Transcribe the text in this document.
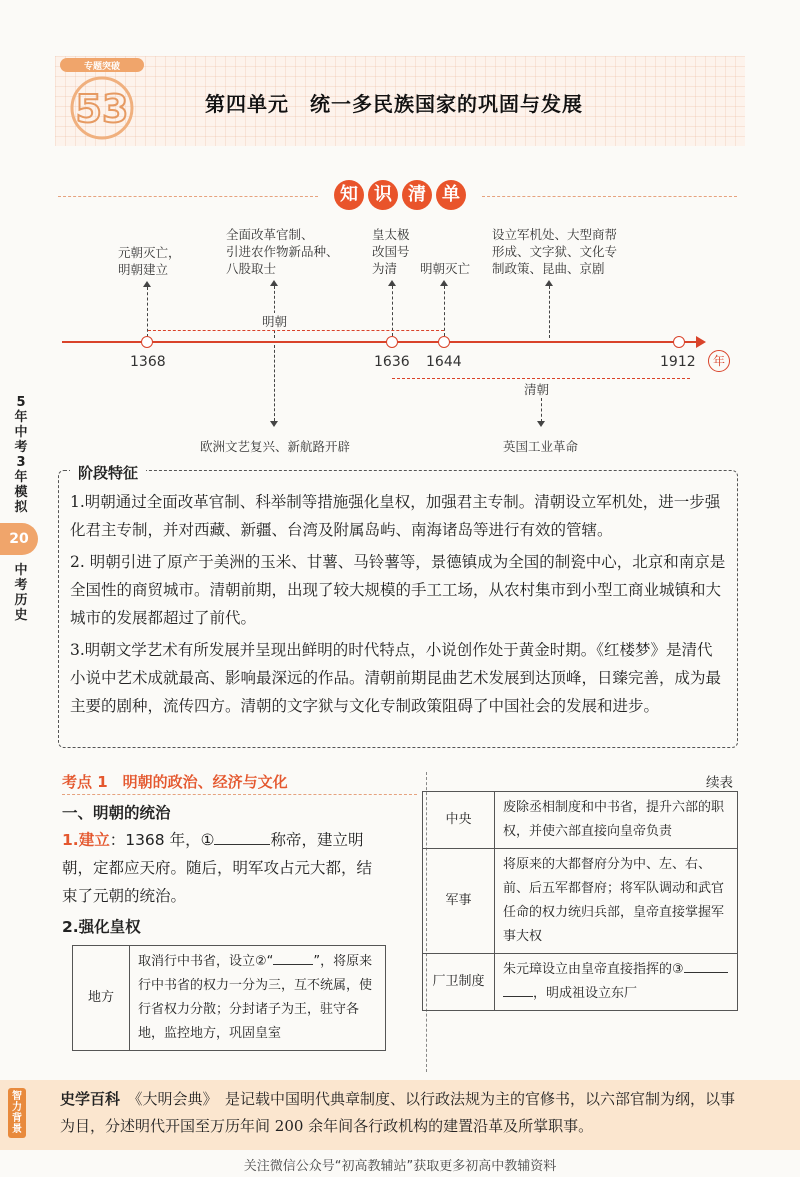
专题突破
53	第四单元　统一多民族国家的巩固与发展
知 识 清 单
元朝灭亡，
明朝建立
全面改革官制、
引进农作物新品种、
八股取士
皇太极
改国号
为清	明朝灭亡
设立军机处、大型商帮
形成、文字狱、文化专
制政策、昆曲、京剧
明朝
年
1368	1636 1644	1912
清朝
欧洲文艺复兴、新航路开辟	英国工业革命
5年中考3年模拟
20
中考历史
阶段特征
1.明朝通过全面改革官制、科举制等措施强化皇权，加强君主专制。清朝设立军机处，进一步强化君主专制，并对西藏、新疆、台湾及附属岛屿、南海诸岛等进行有效的管辖。
2. 明朝引进了原产于美洲的玉米、甘薯、马铃薯等，景德镇成为全国的制瓷中心，北京和南京是全国性的商贸城市。清朝前期，出现了较大规模的手工工场，从农村集市到小型工商业城镇和大城市的发展都超过了前代。
3.明朝文学艺术有所发展并呈现出鲜明的时代特点，小说创作处于黄金时期。《红楼梦》是清代小说中艺术成就最高、影响最深远的作品。清朝前期昆曲艺术发展到达顶峰，日臻完善，成为最主要的剧种，流传四方。清朝的文字狱与文化专制政策阻碍了中国社会的发展和进步。
考点 1　明朝的政治、经济与文化
一、明朝的统治
1.建立：1368 年，①	称帝，建立明朝，定都应天府。随后，明军攻占元大都，结束了元朝的统治。
2.强化皇权
地方	取消行中书省，设立②“	”，将原来行中书省的权力一分为三，互不统属，使行省权力分散；分封诸子为王，驻守各地，监控地方，巩固皇室
续表
中央	废除丞相制度和中书省，提升六部的职权，并使六部直接向皇帝负责
军事	将原来的大都督府分为中、左、右、前、后五军都督府；将军队调动和武官任命的权力统归兵部，皇帝直接掌握军事大权
厂卫制度	朱元璋设立由皇帝直接指挥的③
，明成祖设立东厂
智力背景
史学百科　 《大明会典》　是记载中国明代典章制度、以行政法规为主的官修书，以六部官制为纲，以事为目，分述明代开国至万历年间 200 余年间各行政机构的建置沿革及所掌职事。
关注微信公众号“初高教辅站”获取更多初高中教辅资料
